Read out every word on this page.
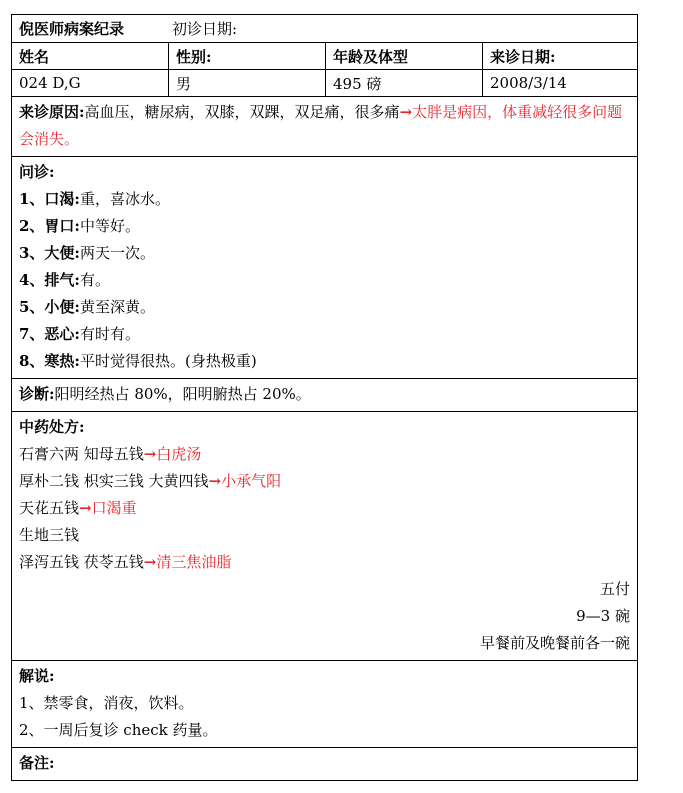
倪医师病案纪录	初诊日期:
姓名	性别:	年龄及体型	来诊日期:
024 D,G	男	495 磅	2008/3/14
来诊原因:高血压，糖尿病，双膝，双踝，双足痛，很多痛→太胖是病因，体重减轻很多问题会消失。
问诊:
1、口渴:重，喜冰水。
2、胃口:中等好。
3、大便:两天一次。
4、排气:有。
5、小便:黄至深黄。
7、恶心:有时有。
8、寒热:平时觉得很热。(身热极重)
诊断:阳明经热占 80%，阳明腑热占 20%。
中药处方:
石膏六两 知母五钱→白虎汤
厚朴二钱 枳实三钱 大黄四钱→小承气阳
天花五钱→口渴重
生地三钱
泽泻五钱 茯苓五钱→清三焦油脂
五付
9—3 碗
早餐前及晚餐前各一碗
解说:
1、禁零食，消夜，饮料。
2、一周后复诊 check 药量。
备注:
